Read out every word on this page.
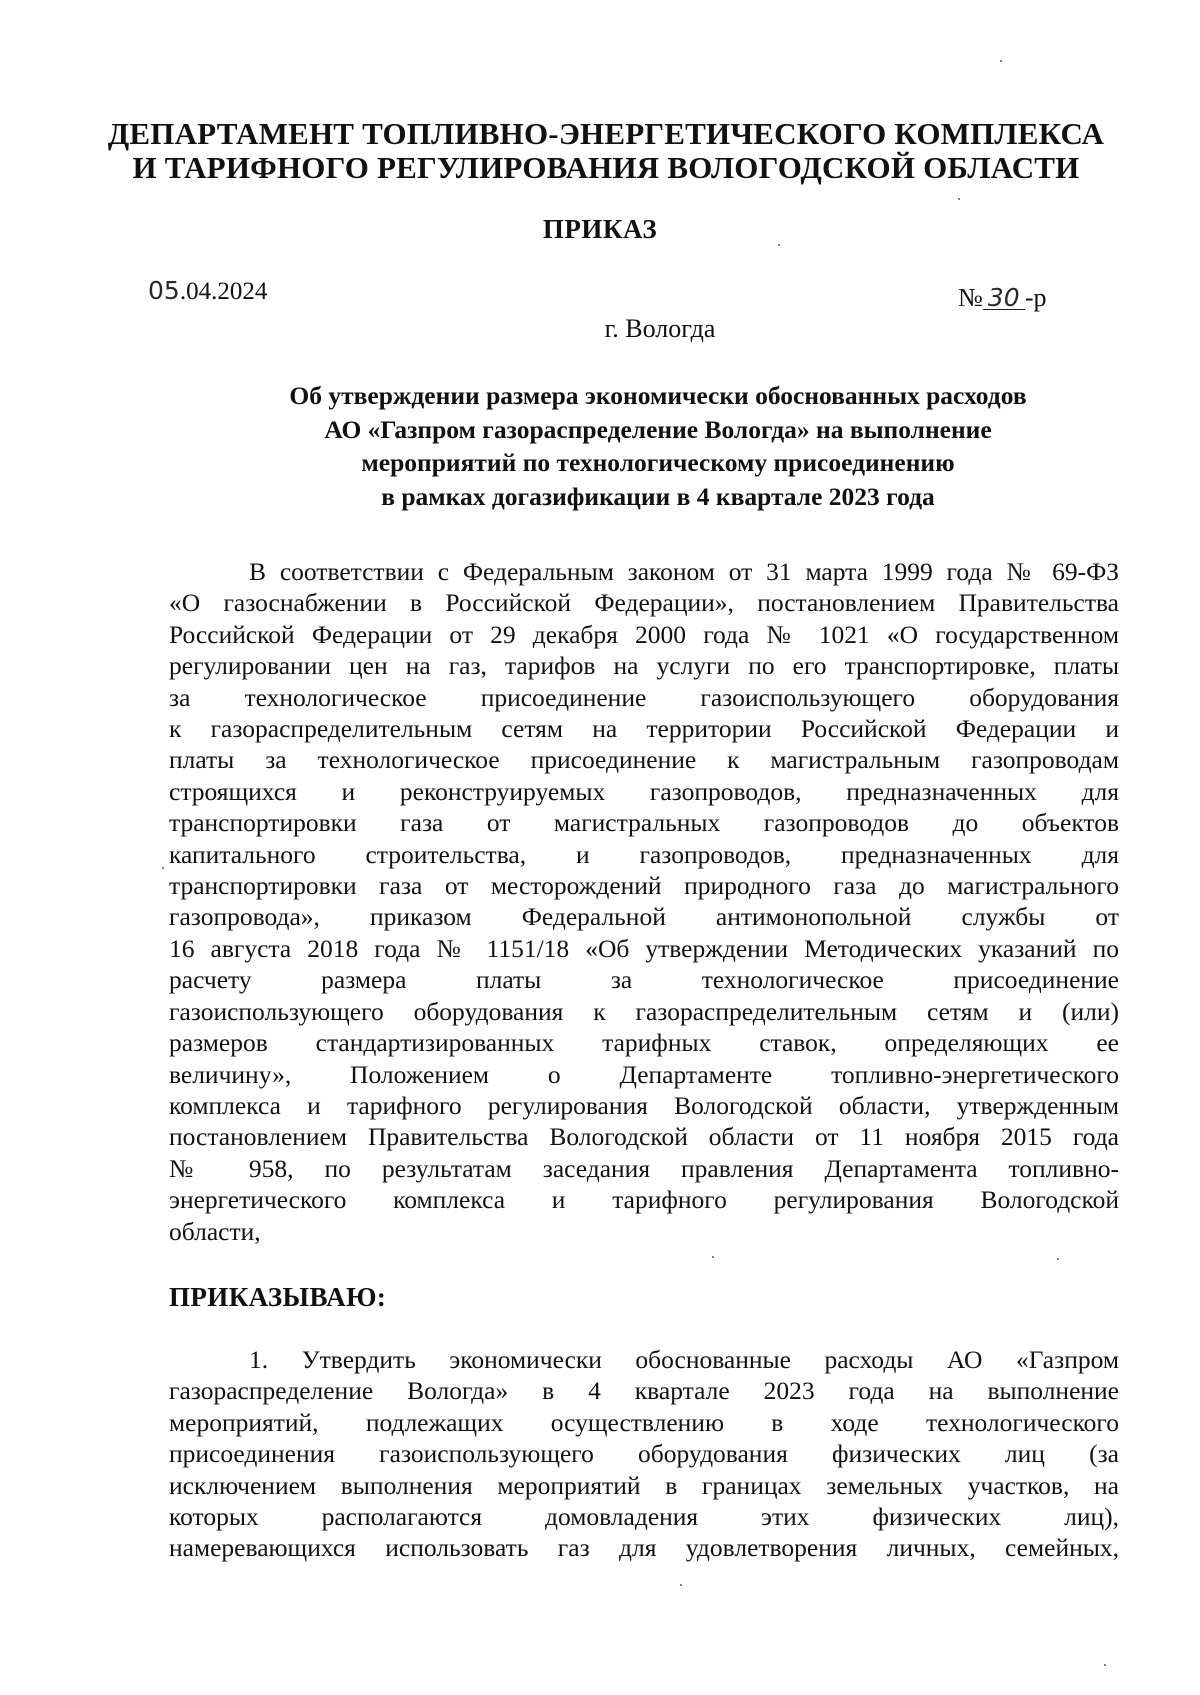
ДЕПАРТАМЕНТ ТОПЛИВНО-ЭНЕРГЕТИЧЕСКОГО КОМПЛЕКСА
И ТАРИФНОГО РЕГУЛИРОВАНИЯ ВОЛОГОДСКОЙ ОБЛАСТИ
ПРИКАЗ
05.04.2024	№ 30 -р
г. Вологда
Об утверждении размера экономически обоснованных расходов
АО «Газпром газораспределение Вологда» на выполнение
мероприятий по технологическому присоединению
в рамках догазификации в 4 квартале 2023 года
В соответствии с Федеральным законом от 31 марта 1999 года № 69-ФЗ
«О газоснабжении в Российской Федерации», постановлением Правительства
Российской Федерации от 29 декабря 2000 года № 1021 «О государственном
регулировании цен на газ, тарифов на услуги по его транспортировке, платы
за технологическое присоединение газоиспользующего оборудования
к газораспределительным сетям на территории Российской Федерации и
платы за технологическое присоединение к магистральным газопроводам
строящихся и реконструируемых газопроводов, предназначенных для
транспортировки газа от магистральных газопроводов до объектов
капитального строительства, и газопроводов, предназначенных для
транспортировки газа от месторождений природного газа до магистрального
газопровода», приказом Федеральной антимонопольной службы от
16 августа 2018 года № 1151/18 «Об утверждении Методических указаний по
расчету размера платы за технологическое присоединение
газоиспользующего оборудования к газораспределительным сетям и (или)
размеров стандартизированных тарифных ставок, определяющих ее
величину», Положением о Департаменте топливно-энергетического
комплекса и тарифного регулирования Вологодской области, утвержденным
постановлением Правительства Вологодской области от 11 ноября 2015 года
№ 958, по результатам заседания правления Департамента топливно-
энергетического комплекса и тарифного регулирования Вологодской
области,
ПРИКАЗЫВАЮ:
1. Утвердить экономически обоснованные расходы АО «Газпром
газораспределение Вологда» в 4 квартале 2023 года на выполнение
мероприятий, подлежащих осуществлению в ходе технологического
присоединения газоиспользующего оборудования физических лиц (за
исключением выполнения мероприятий в границах земельных участков, на
которых располагаются домовладения этих физических лиц),
намеревающихся использовать газ для удовлетворения личных, семейных,
